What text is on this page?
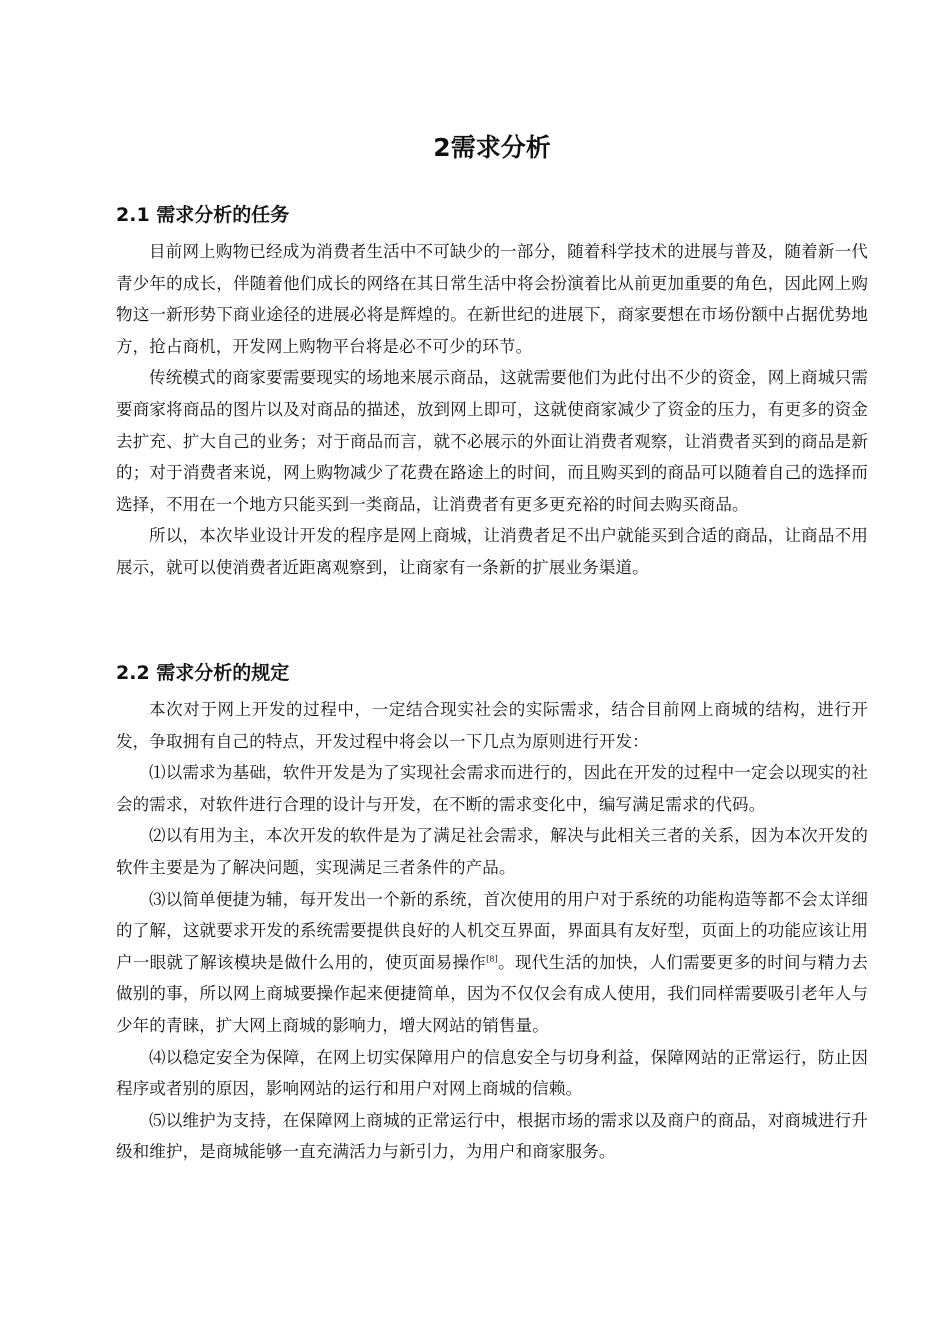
2需求分析
2.1 需求分析的任务

目前网上购物已经成为消费者生活中不可缺少的一部分，随着科学技术的进展与普及，随着新一代青少年的成长，伴随着他们成长的网络在其日常生活中将会扮演着比从前更加重要的角色，因此网上购物这一新形势下商业途径的进展必将是辉煌的。在新世纪的进展下，商家要想在市场份额中占据优势地方，抢占商机，开发网上购物平台将是必不可少的环节。

传统模式的商家要需要现实的场地来展示商品，这就需要他们为此付出不少的资金，网上商城只需要商家将商品的图片以及对商品的描述，放到网上即可，这就使商家减少了资金的压力，有更多的资金去扩充、扩大自己的业务；对于商品而言，就不必展示的外面让消费者观察，让消费者买到的商品是新的；对于消费者来说，网上购物减少了花费在路途上的时间，而且购买到的商品可以随着自己的选择而选择，不用在一个地方只能买到一类商品，让消费者有更多更充裕的时间去购买商品。

所以，本次毕业设计开发的程序是网上商城，让消费者足不出户就能买到合适的商品，让商品不用展示，就可以使消费者近距离观察到，让商家有一条新的扩展业务渠道。

2.2 需求分析的规定

本次对于网上开发的过程中，一定结合现实社会的实际需求，结合目前网上商城的结构，进行开发，争取拥有自己的特点，开发过程中将会以一下几点为原则进行开发：

⑴以需求为基础，软件开发是为了实现社会需求而进行的，因此在开发的过程中一定会以现实的社会的需求，对软件进行合理的设计与开发，在不断的需求变化中，编写满足需求的代码。

⑵以有用为主，本次开发的软件是为了满足社会需求，解决与此相关三者的关系，因为本次开发的软件主要是为了解决问题，实现满足三者条件的产品。

⑶以简单便捷为辅，每开发出一个新的系统，首次使用的用户对于系统的功能构造等都不会太详细的了解，这就要求开发的系统需要提供良好的人机交互界面，界面具有友好型，页面上的功能应该让用户一眼就了解该模块是做什么用的，使页面易操作[8]。现代生活的加快，人们需要更多的时间与精力去做别的事，所以网上商城要操作起来便捷简单，因为不仅仅会有成人使用，我们同样需要吸引老年人与少年的青睐，扩大网上商城的影响力，增大网站的销售量。

⑷以稳定安全为保障，在网上切实保障用户的信息安全与切身利益，保障网站的正常运行，防止因程序或者别的原因，影响网站的运行和用户对网上商城的信赖。

⑸以维护为支持，在保障网上商城的正常运行中，根据市场的需求以及商户的商品，对商城进行升级和维护，是商城能够一直充满活力与新引力，为用户和商家服务。
